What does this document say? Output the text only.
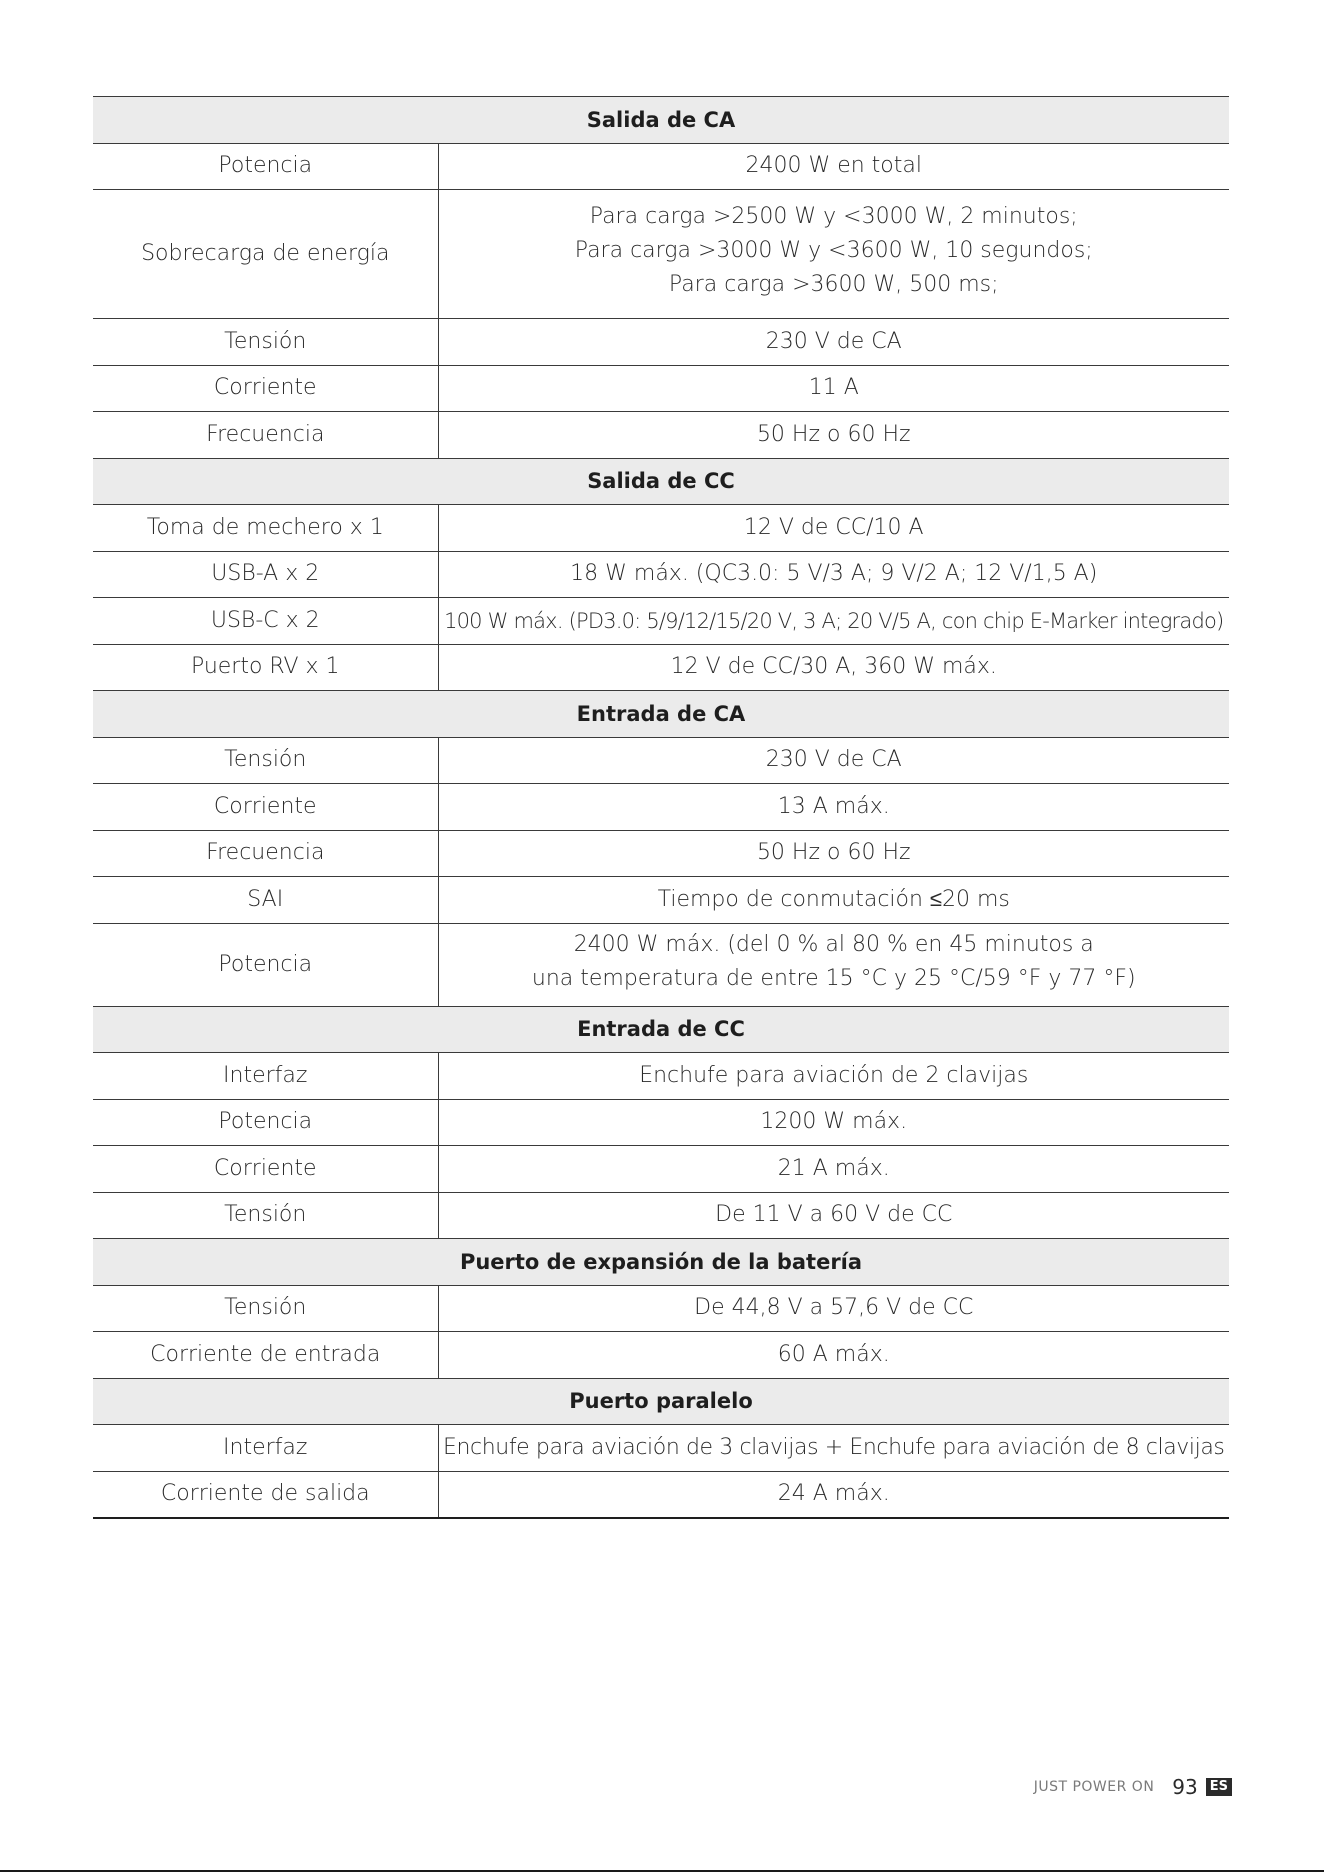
Salida de CA	
Potencia	2400 W en total

Sobrecarga de energía	Para carga >2500 W y <3000 W, 2 minutos;
Para carga >3000 W y <3600 W, 10 segundos;
Para carga >3600 W, 500 ms;

Tensión	230 V de CA

Corriente	11 A

Frecuencia	50 Hz o 60 Hz

Salida de CC	
Toma de mechero x 1	12 V de CC/10 A

USB-A x 2	18 W máx. (QC3.0: 5 V/3 A; 9 V/2 A; 12 V/1,5 A)

USB-C x 2	100 W máx. (PD3.0: 5/9/12/15/20 V, 3 A; 20 V/5 A, con chip E-Marker integrado)

Puerto RV x 1	12 V de CC/30 A, 360 W máx.

Entrada de CA	
Tensión	230 V de CA

Corriente	13 A máx.

Frecuencia	50 Hz o 60 Hz

SAI	Tiempo de conmutación ≤20 ms

Potencia	2400 W máx. (del 0 % al 80 % en 45 minutos a
una temperatura de entre 15 °C y 25 °C/59 °F y 77 °F)

Entrada de CC	
Interfaz	Enchufe para aviación de 2 clavijas

Potencia	1200 W máx.

Corriente	21 A máx.

Tensión	De 11 V a 60 V de CC

Puerto de expansión de la batería	
Tensión	De 44,8 V a 57,6 V de CC

Corriente de entrada	60 A máx.

Puerto paralelo	
Interfaz	Enchufe para aviación de 3 clavijas + Enchufe para aviación de 8 clavijas

Corriente de salida	24 A máx.
JUST POWER ON 93 ES
